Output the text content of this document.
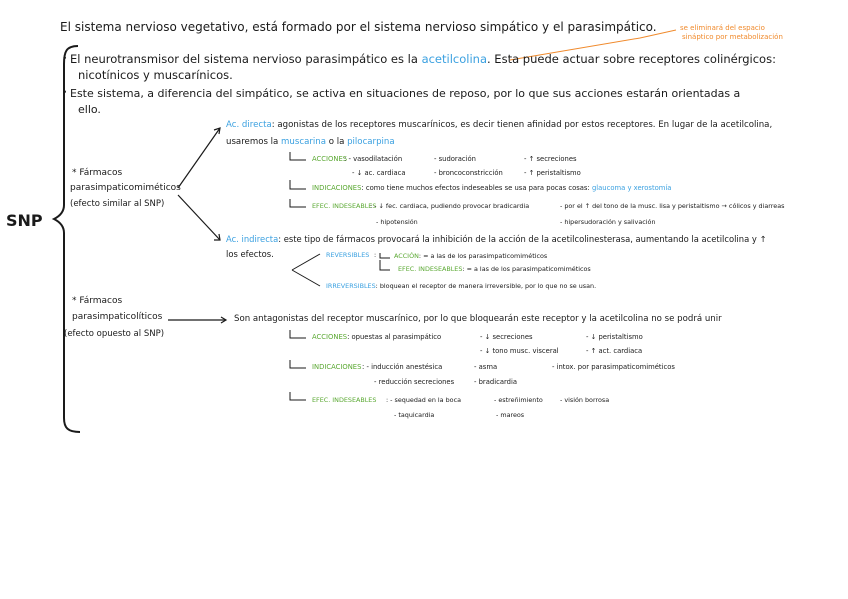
El sistema nervioso vegetativo, está formado por el sistema nervioso simpático y el parasimpático.	se eliminará del espacio
sináptico por metabolización
SNP
El neurotransmisor del sistema nervioso parasimpático es la acetilcolina. Esta puede actuar sobre receptores colinérgicos:
nicotínicos y muscarínicos.
Este sistema, a diferencia del simpático, se activa en situaciones de reposo, por lo que sus acciones estarán orientadas a
ello.
* Fármacos
parasimpaticomiméticos
(efecto similar al SNP)
Ac. directa: agonistas de los receptores muscarínicos, es decir tienen afinidad por estos receptores. En lugar de la acetilcolina,
usaremos la muscarina o la pilocarpina
ACCIONES
: - vasodilatación	- sudoración	- ↑ secreciones
- ↓ ac. cardiaca	- broncoconstricción	- ↑ peristaltismo
INDICACIONES: como tiene muchos efectos indeseables se usa para pocas cosas: glaucoma y xerostomía
EFEC. INDESEABLES
: - ↓ fec. cardiaca, pudiendo provocar bradicardia	- por el ↑ del tono de la musc. lisa y peristaltismo → cólicos y diarreas
- hipotensión	- hipersudoración y salivación
Ac. indirecta: este tipo de fármacos provocará la inhibición de la acción de la acetilcolinesterasa, aumentando la acetilcolina y ↑
los efectos.	REVERSIBLES :	ACCIÓN: = a las de los parasimpaticomiméticos
EFEC. INDESEABLES: = a las de los parasimpaticomiméticos
IRREVERSIBLES: bloquean el receptor de manera irreversible, por lo que no se usan.
* Fármacos
parasimpaticolíticos
(efecto opuesto al SNP)
Son antagonistas del receptor muscarínico, por lo que bloquearán este receptor y la acetilcolina no se podrá unir
ACCIONES: opuestas al parasimpático	- ↓ secreciones	- ↓ peristaltismo
- ↓ tono musc. visceral	- ↑ act. cardiaca
INDICACIONES : - inducción anestésica	- asma	- intox. por parasimpaticomiméticos
- reducción secreciones	- bradicardia
EFEC. INDESEABLES : - sequedad en la boca	- estreñimiento	- visión borrosa
- taquicardia	- mareos
•
•
